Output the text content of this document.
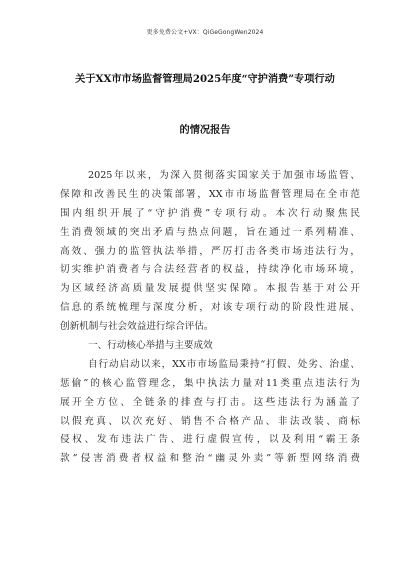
更多免费公文+VX：QiGeGongWen2024
关于XX市市场监督管理局2025年度“守护消费”专项行动
的情况报告
2025年以来，为深入贯彻落实国家关于加强市场监管、
保障和改善民生的决策部署，XX市市场监督管理局在全市范
围内组织开展了“守护消费”专项行动。本次行动聚焦民
生消费领域的突出矛盾与热点问题，旨在通过一系列精准、
高效、强力的监管执法举措，严厉打击各类市场违法行为，
切实维护消费者与合法经营者的权益，持续净化市场环境，
为区域经济高质量发展提供坚实保障。本报告基于对公开
信息的系统梳理与深度分析，对该专项行动的阶段性进展、
创新机制与社会效益进行综合评估。
一、行动核心举措与主要成效
自行动启动以来，XX市市场监局秉持“打假、处劣、治虚、
惩偷”的核心监管理念，集中执法力量对11类重点违法行为
展开全方位、全链条的排查与打击。这些违法行为涵盖了
以假充真、以次充好、销售不合格产品、非法改装、商标
侵权、发布违法广告、进行虚假宣传，以及利用“霸王条
款”侵害消费者权益和整治“幽灵外卖”等新型网络消费
